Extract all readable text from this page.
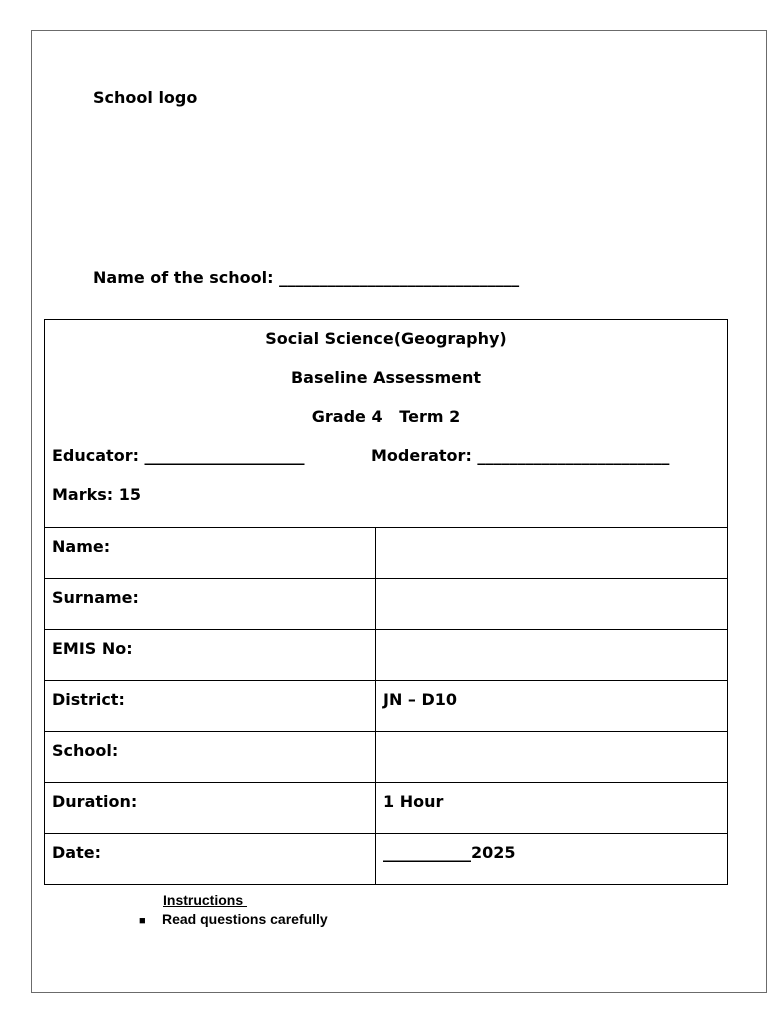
School logo
Name of the school: ______________________________
Social Science(Geography)
Baseline Assessment
Grade 4   Term 2
Educator: ____________________	Moderator: ________________________
Marks: 15
Name:	
Surname:	
EMIS No:	
District:	JN – D10
School:	
Duration:	1 Hour
Date:	___________2025
Instructions
■ Read questions carefully
